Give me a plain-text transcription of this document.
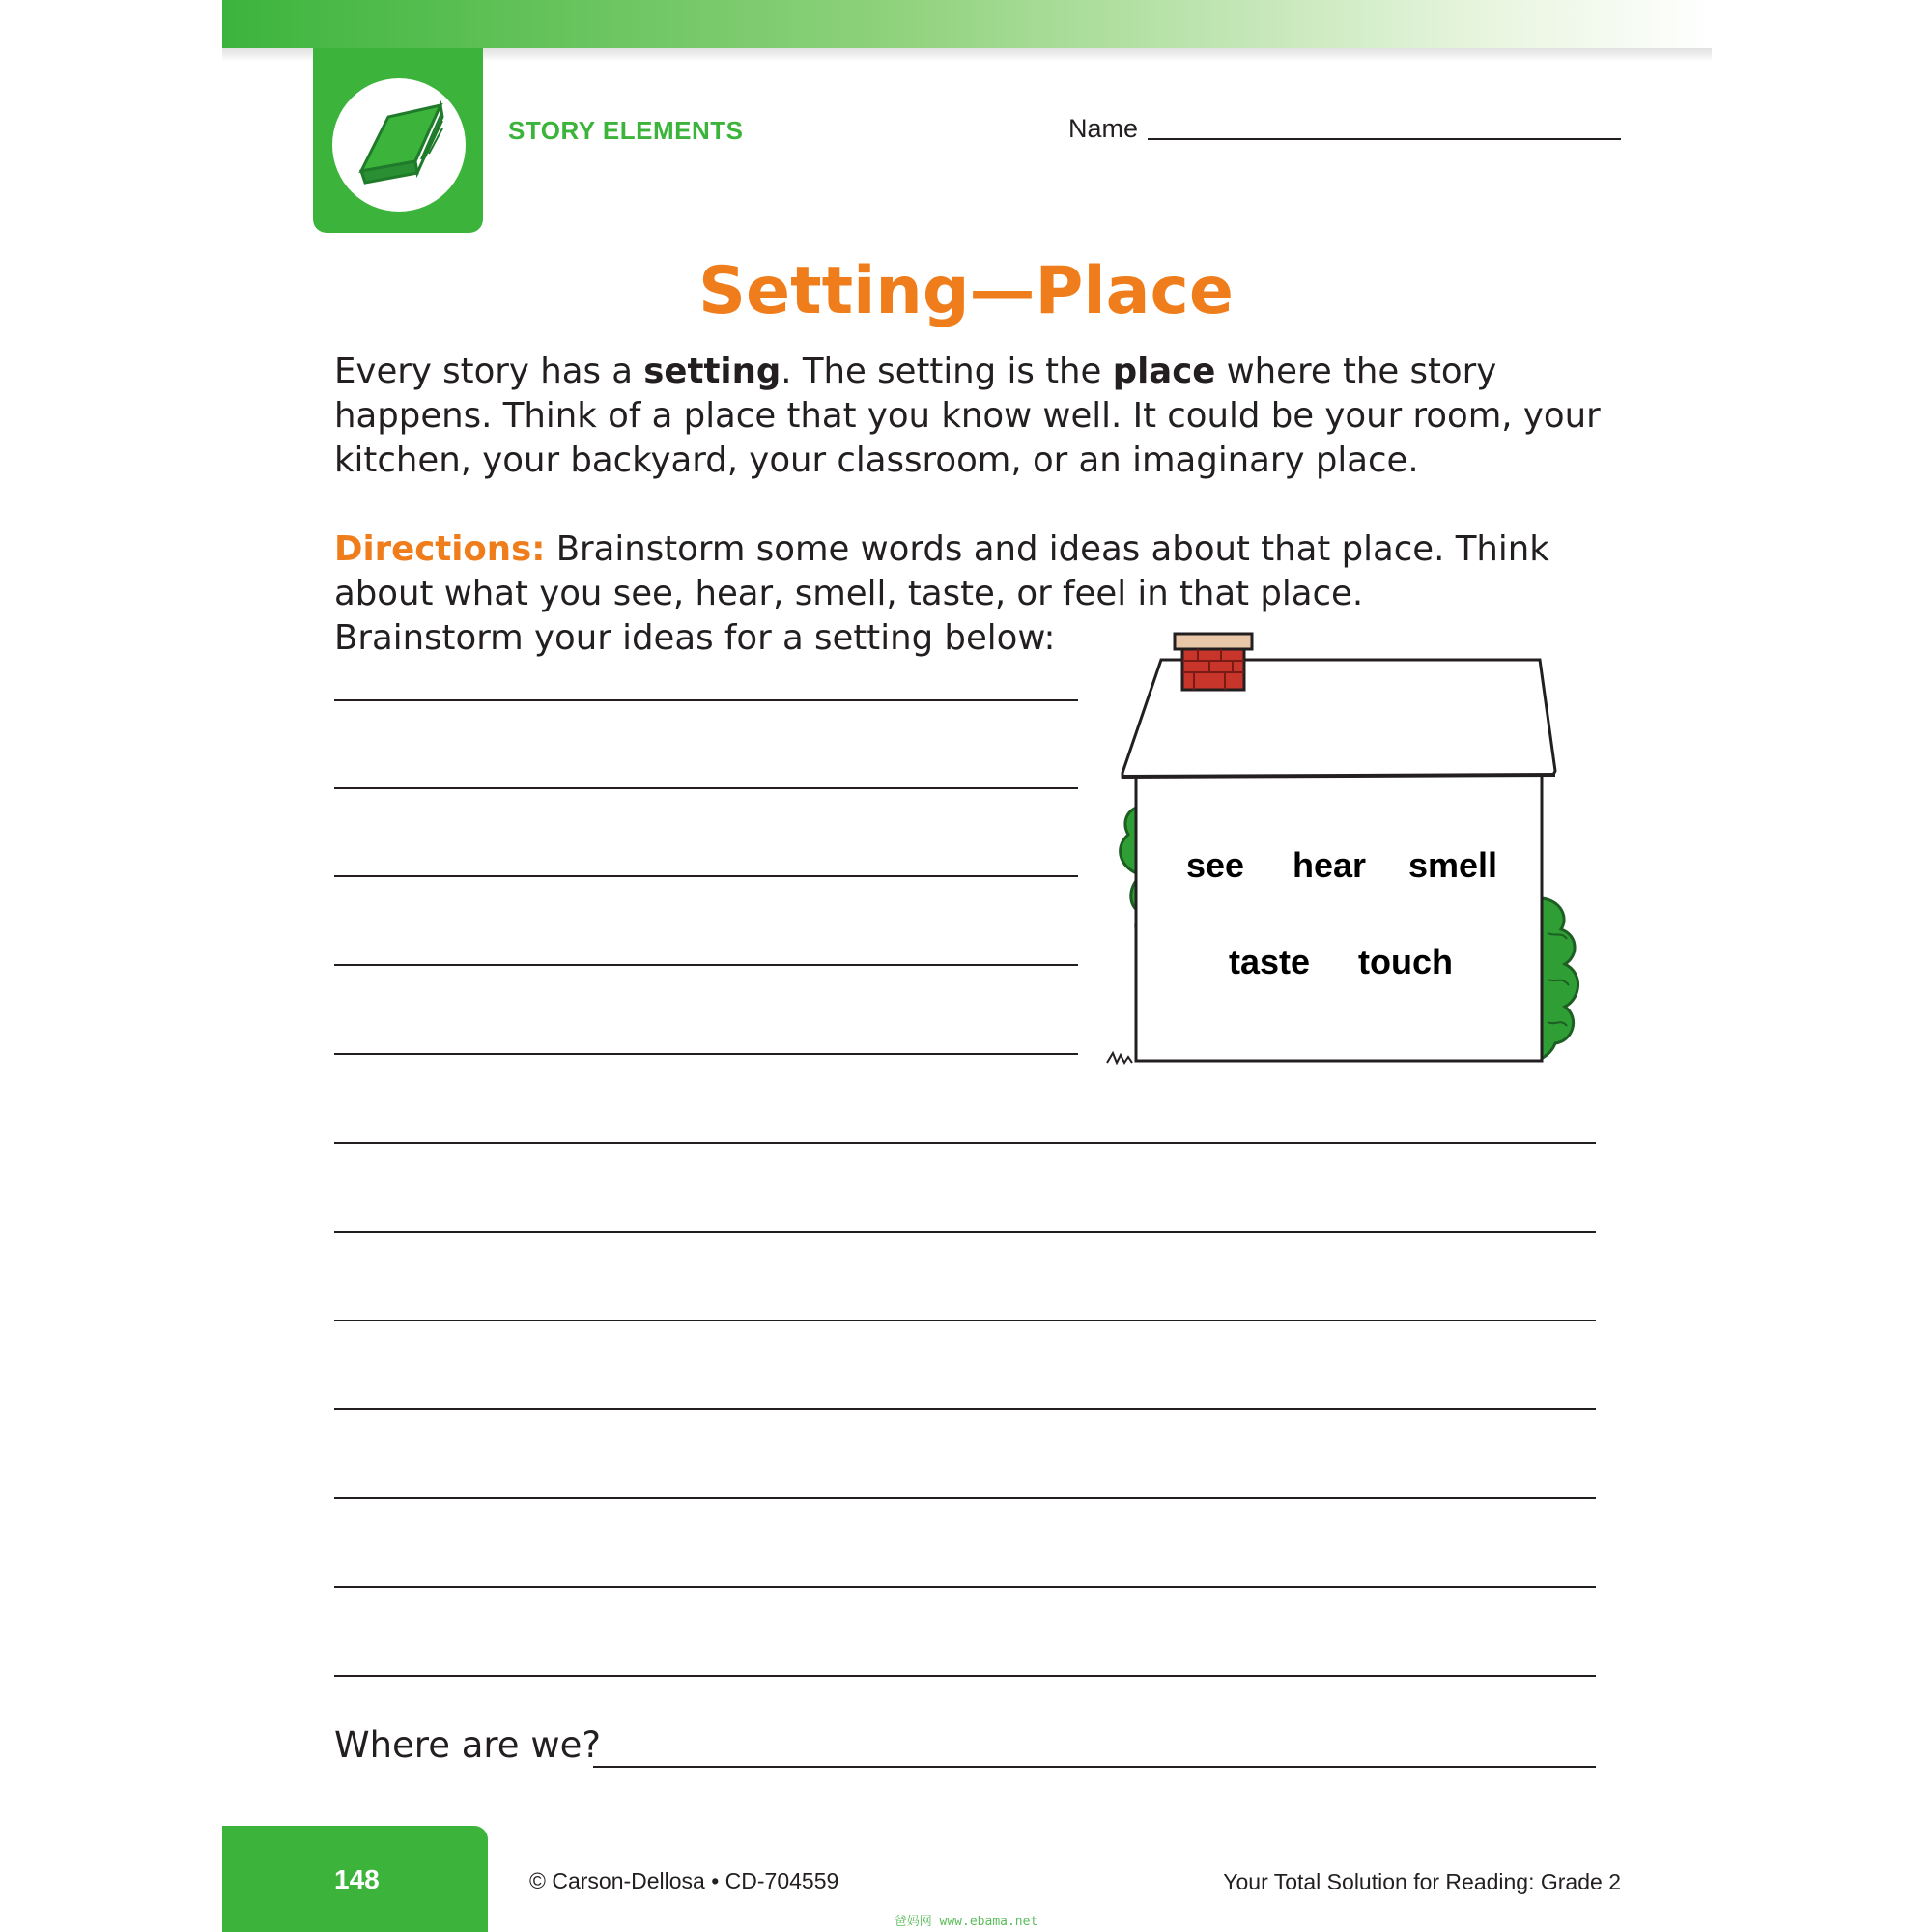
STORY ELEMENTS	Name
Setting—Place
Every story has a setting. The setting is the place where the story happens. Think of a place that you know well. It could be your room, your kitchen, your backyard, your classroom, or an imaginary place.
Directions: Brainstorm some words and ideas about that place. Think about what you see, hear, smell, taste, or feel in that place.
Brainstorm your ideas for a setting below:
Where are we?
see hear smell
taste touch
148	© Carson-Dellosa • CD-704559	Your Total Solution for Reading: Grade 2
爸妈网 www.ebama.net
